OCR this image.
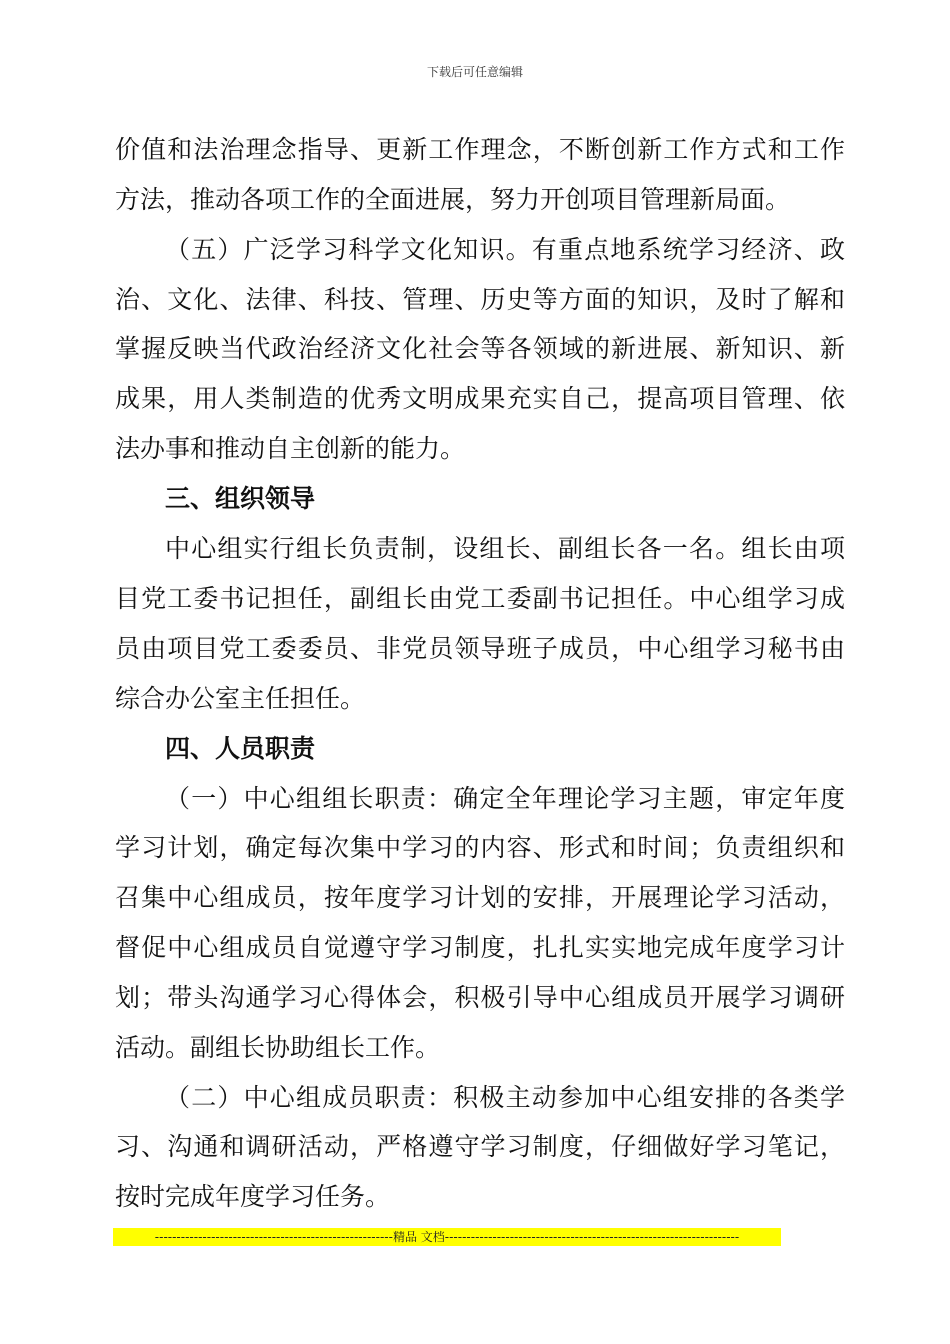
下载后可任意编辑
价值和法治理念指导、更新工作理念，不断创新工作方式和工作
方法，推动各项工作的全面进展，努力开创项目管理新局面。
（五）广泛学习科学文化知识。有重点地系统学习经济、政
治、文化、法律、科技、管理、历史等方面的知识，及时了解和
掌握反映当代政治经济文化社会等各领域的新进展、新知识、新
成果，用人类制造的优秀文明成果充实自己，提高项目管理、依
法办事和推动自主创新的能力。
三、组织领导
中心组实行组长负责制，设组长、副组长各一名。组长由项
目党工委书记担任，副组长由党工委副书记担任。中心组学习成
员由项目党工委委员、非党员领导班子成员，中心组学习秘书由
综合办公室主任担任。
四、人员职责
（一）中心组组长职责：确定全年理论学习主题，审定年度
学习计划，确定每次集中学习的内容、形式和时间；负责组织和
召集中心组成员，按年度学习计划的安排，开展理论学习活动，
督促中心组成员自觉遵守学习制度，扎扎实实地完成年度学习计
划；带头沟通学习心得体会，积极引导中心组成员开展学习调研
活动。副组长协助组长工作。
（二）中心组成员职责：积极主动参加中心组安排的各类学
习、沟通和调研活动，严格遵守学习制度，仔细做好学习笔记，
按时完成年度学习任务。
-------------------------------------------------------精品 文档--------------------------------------------------------------------
